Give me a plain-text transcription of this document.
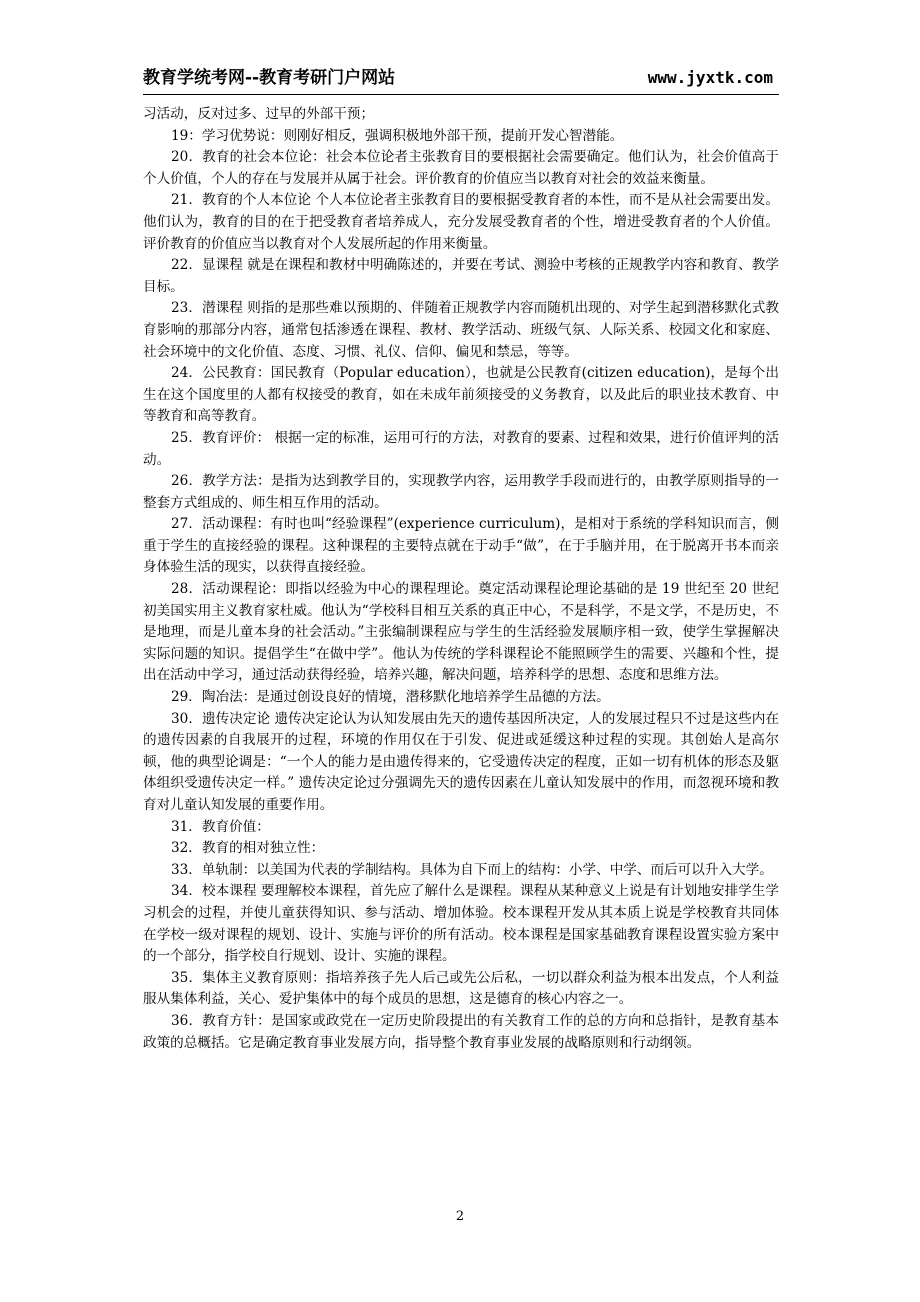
教育学统考网--教育考研门户网站	www.jyxtk.com

习活动，反对过多、过早的外部干预；

19：学习优势说：则刚好相反，强调积极地外部干预，提前开发心智潜能。

20．教育的社会本位论：社会本位论者主张教育目的要根据社会需要确定。他们认为，社会价值高于个人价值，个人的存在与发展并从属于社会。评价教育的价值应当以教育对社会的效益来衡量。

21．教育的个人本位论 个人本位论者主张教育目的要根据受教育者的本性，而不是从社会需要出发。他们认为，教育的目的在于把受教育者培养成人，充分发展受教育者的个性，增进受教育者的个人价值。评价教育的价值应当以教育对个人发展所起的作用来衡量。

22．显课程 就是在课程和教材中明确陈述的，并要在考试、测验中考核的正规教学内容和教育、教学目标。

23．潜课程 则指的是那些难以预期的、伴随着正规教学内容而随机出现的、对学生起到潜移默化式教育影响的那部分内容，通常包括渗透在课程、教材、教学活动、班级气氛、人际关系、校园文化和家庭、社会环境中的文化价值、态度、习惯、礼仪、信仰、偏见和禁忌，等等。

24．公民教育：国民教育（Popular education），也就是公民教育(citizen education)，是每个出生在这个国度里的人都有权接受的教育，如在未成年前须接受的义务教育，以及此后的职业技术教育、中等教育和高等教育。

25．教育评价： 根据一定的标准，运用可行的方法，对教育的要素、过程和效果，进行价值评判的活动。

26．教学方法：是指为达到教学目的，实现教学内容，运用教学手段而进行的，由教学原则指导的一整套方式组成的、师生相互作用的活动。

27．活动课程：有时也叫“经验课程”(experience curriculum)，是相对于系统的学科知识而言，侧重于学生的直接经验的课程。这种课程的主要特点就在于动手“做”，在于手脑并用，在于脱离开书本而亲身体验生活的现实，以获得直接经验。

28．活动课程论：即指以经验为中心的课程理论。奠定活动课程论理论基础的是 19 世纪至 20 世纪初美国实用主义教育家杜威。他认为“学校科目相互关系的真正中心，不是科学，不是文学，不是历史，不是地理，而是儿童本身的社会活动。”主张编制课程应与学生的生活经验发展顺序相一致，使学生掌握解决实际问题的知识。提倡学生“在做中学”。他认为传统的学科课程论不能照顾学生的需要、兴趣和个性，提出在活动中学习，通过活动获得经验，培养兴趣，解决问题，培养科学的思想、态度和思维方法。

29．陶冶法：是通过创设良好的情境，潜移默化地培养学生品德的方法。

30．遗传决定论 遗传决定论认为认知发展由先天的遗传基因所决定，人的发展过程只不过是这些内在的遗传因素的自我展开的过程，环境的作用仅在于引发、促进或延缓这种过程的实现。其创始人是高尔顿，他的典型论调是：“一个人的能力是由遗传得来的，它受遗传决定的程度，正如一切有机体的形态及躯体组织受遗传决定一样。” 遗传决定论过分强调先天的遗传因素在儿童认知发展中的作用，而忽视环境和教育对儿童认知发展的重要作用。

31．教育价值：

32．教育的相对独立性：

33．单轨制：以美国为代表的学制结构。具体为自下而上的结构：小学、中学、而后可以升入大学。

34．校本课程 要理解校本课程，首先应了解什么是课程。课程从某种意义上说是有计划地安排学生学习机会的过程，并使儿童获得知识、参与活动、增加体验。校本课程开发从其本质上说是学校教育共同体在学校一级对课程的规划、设计、实施与评价的所有活动。校本课程是国家基础教育课程设置实验方案中的一个部分，指学校自行规划、设计、实施的课程。

35．集体主义教育原则：指培养孩子先人后己或先公后私，一切以群众利益为根本出发点，个人利益服从集体利益，关心、爱护集体中的每个成员的思想，这是德育的核心内容之一。

36．教育方针：是国家或政党在一定历史阶段提出的有关教育工作的总的方向和总指针，是教育基本政策的总概括。它是确定教育事业发展方向，指导整个教育事业发展的战略原则和行动纲领。

2
